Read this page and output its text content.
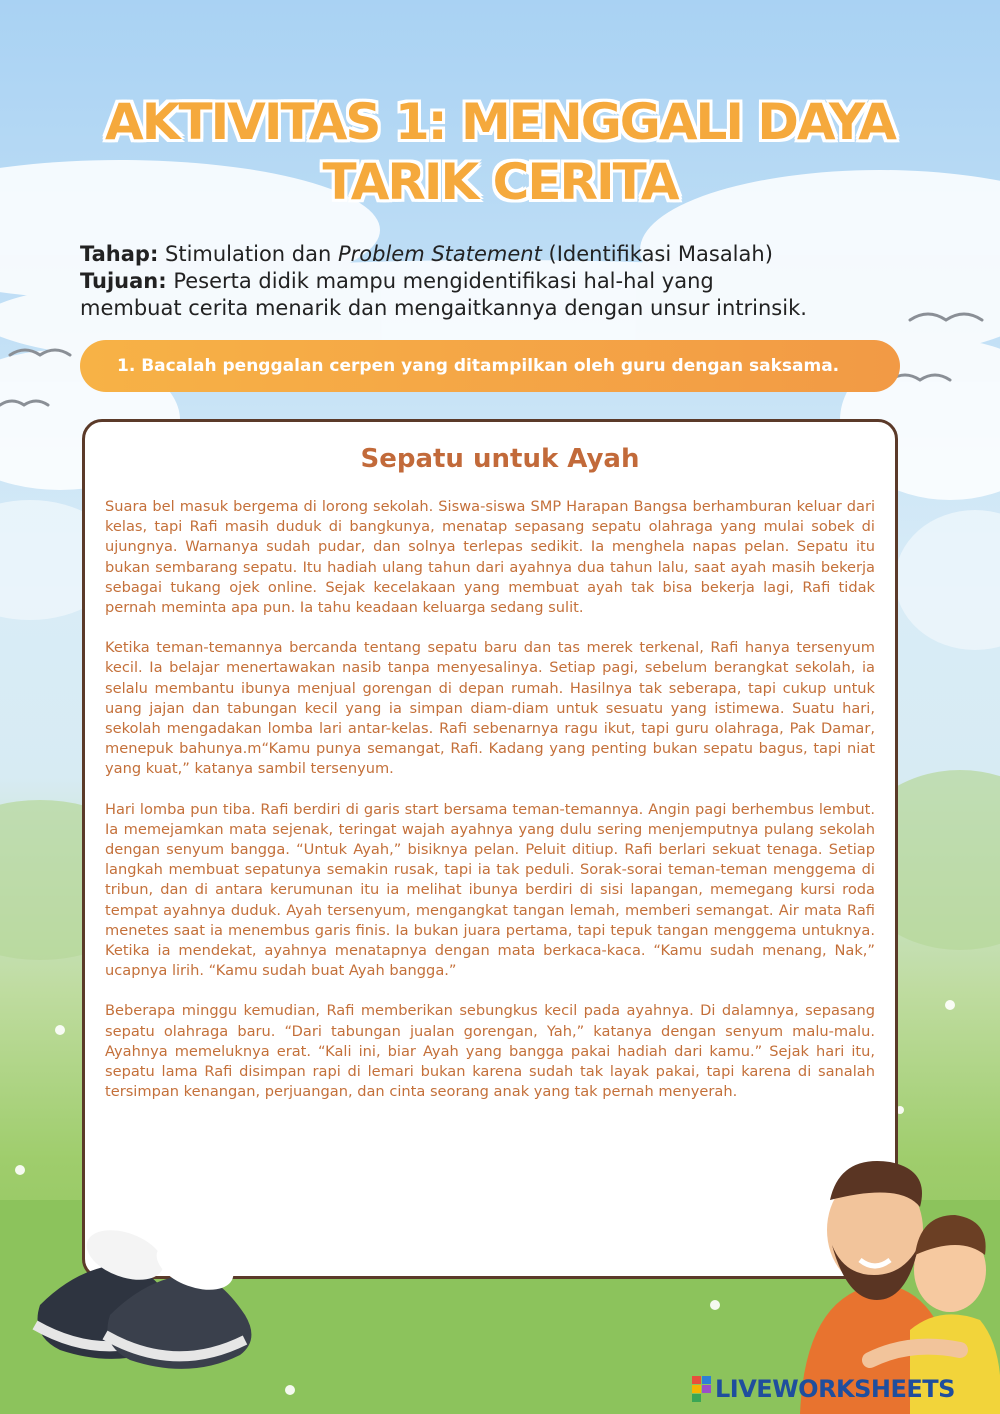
AKTIVITAS 1: MENGGALI DAYA
TARIK CERITA
Tahap: Stimulation dan Problem Statement (Identifikasi Masalah)
Tujuan: Peserta didik mampu mengidentifikasi hal-hal yang
membuat cerita menarik dan mengaitkannya dengan unsur intrinsik.
1. Bacalah penggalan cerpen yang ditampilkan oleh guru dengan saksama.
Sepatu untuk Ayah

Suara bel masuk bergema di lorong sekolah. Siswa-siswa SMP Harapan Bangsa berhamburan keluar dari kelas, tapi Rafi masih duduk di bangkunya, menatap sepasang sepatu olahraga yang mulai sobek di ujungnya. Warnanya sudah pudar, dan solnya terlepas sedikit. Ia menghela napas pelan. Sepatu itu bukan sembarang sepatu. Itu hadiah ulang tahun dari ayahnya dua tahun lalu, saat ayah masih bekerja sebagai tukang ojek online. Sejak kecelakaan yang membuat ayah tak bisa bekerja lagi, Rafi tidak pernah meminta apa pun. Ia tahu keadaan keluarga sedang sulit.

Ketika teman-temannya bercanda tentang sepatu baru dan tas merek terkenal, Rafi hanya tersenyum kecil. Ia belajar menertawakan nasib tanpa menyesalinya. Setiap pagi, sebelum berangkat sekolah, ia selalu membantu ibunya menjual gorengan di depan rumah. Hasilnya tak seberapa, tapi cukup untuk uang jajan dan tabungan kecil yang ia simpan diam-diam untuk sesuatu yang istimewa. Suatu hari, sekolah mengadakan lomba lari antar-kelas. Rafi sebenarnya ragu ikut, tapi guru olahraga, Pak Damar, menepuk bahunya.m“Kamu punya semangat, Rafi. Kadang yang penting bukan sepatu bagus, tapi niat yang kuat,” katanya sambil tersenyum.

Hari lomba pun tiba. Rafi berdiri di garis start bersama teman-temannya. Angin pagi berhembus lembut. Ia memejamkan mata sejenak, teringat wajah ayahnya yang dulu sering menjemputnya pulang sekolah dengan senyum bangga. “Untuk Ayah,” bisiknya pelan. Peluit ditiup. Rafi berlari sekuat tenaga. Setiap langkah membuat sepatunya semakin rusak, tapi ia tak peduli. Sorak-sorai teman-teman menggema di tribun, dan di antara kerumunan itu ia melihat ibunya berdiri di sisi lapangan, memegang kursi roda tempat ayahnya duduk. Ayah tersenyum, mengangkat tangan lemah, memberi semangat. Air mata Rafi menetes saat ia menembus garis finis. Ia bukan juara pertama, tapi tepuk tangan menggema untuknya. Ketika ia mendekat, ayahnya menatapnya dengan mata berkaca-kaca. “Kamu sudah menang, Nak,” ucapnya lirih. “Kamu sudah buat Ayah bangga.”

Beberapa minggu kemudian, Rafi memberikan sebungkus kecil pada ayahnya. Di dalamnya, sepasang sepatu olahraga baru. “Dari tabungan jualan gorengan, Yah,” katanya dengan senyum malu-malu. Ayahnya memeluknya erat. “Kali ini, biar Ayah yang bangga pakai hadiah dari kamu.” Sejak hari itu, sepatu lama Rafi disimpan rapi di lemari bukan karena sudah tak layak pakai, tapi karena di sanalah tersimpan kenangan, perjuangan, dan cinta seorang anak yang tak pernah menyerah.

LIVEWORKSHEETS
